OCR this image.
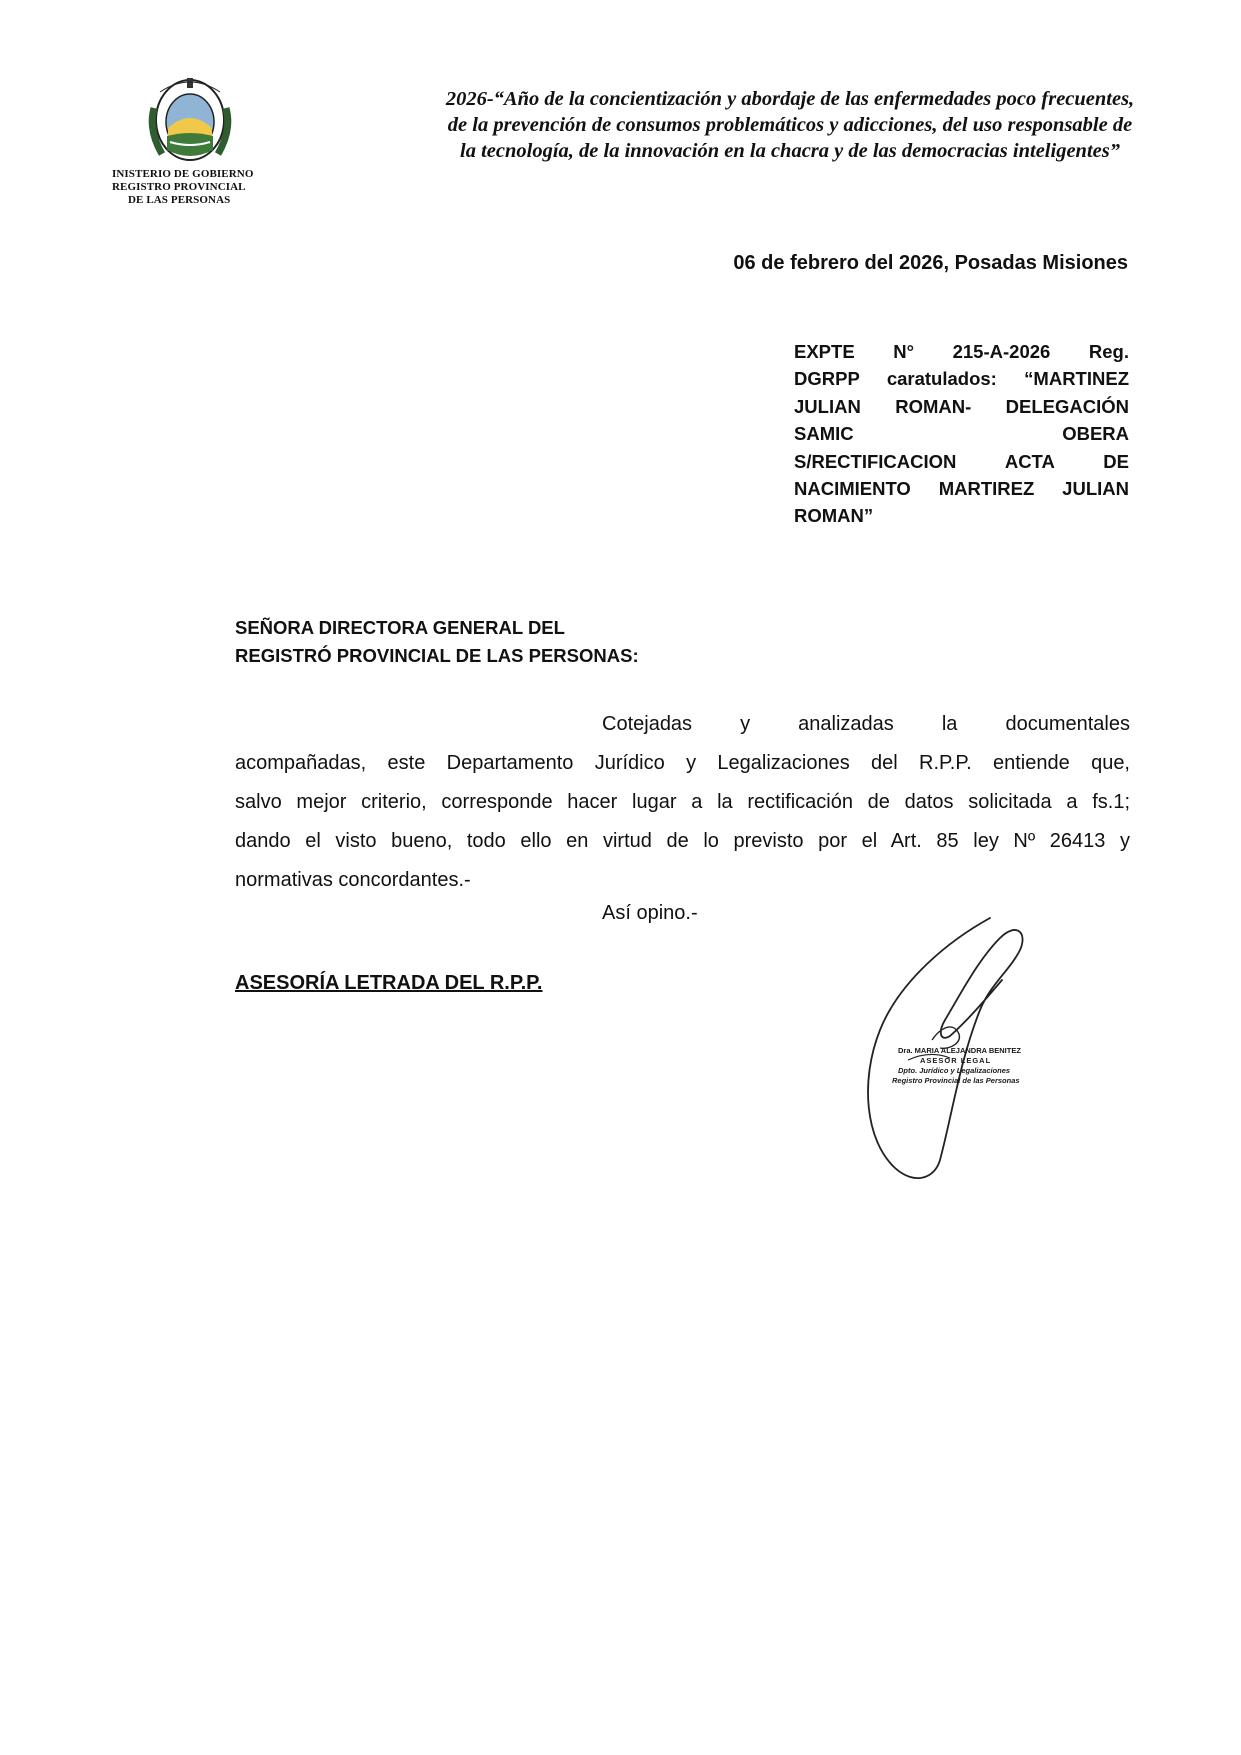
INISTERIO DE GOBIERNO
REGISTRO PROVINCIAL
DE LAS PERSONAS
2026-“Año de la concientización y abordaje de las enfermedades poco frecuentes,
de la prevención de consumos problemáticos y adicciones, del uso responsable de
la tecnología, de la innovación en la chacra y de las democracias inteligentes”
06 de febrero del 2026, Posadas Misiones
EXPTE N° 215-A-2026 Reg.
DGRPP caratulados: “MARTINEZ
JULIAN ROMAN- DELEGACIÓN
SAMIC OBERA
S/RECTIFICACION ACTA DE
NACIMIENTO MARTIREZ JULIAN
ROMAN”
SEÑORA DIRECTORA GENERAL DEL
REGISTRÓ PROVINCIAL DE LAS PERSONAS:
Cotejadas y analizadas la documentales
acompañadas, este Departamento Jurídico y Legalizaciones del R.P.P. entiende que,
salvo mejor criterio, corresponde hacer lugar a la rectificación de datos solicitada a fs.1;
dando el visto bueno, todo ello en virtud de lo previsto por el Art. 85 ley Nº 26413 y
normativas concordantes.-
Así opino.-
ASESORÍA LETRADA DEL R.P.P.
Dra. MARIA ALEJANDRA BENITEZ
ASESOR LEGAL
Dpto. Jurídico y Legalizaciones
Registro Provincial de las Personas
